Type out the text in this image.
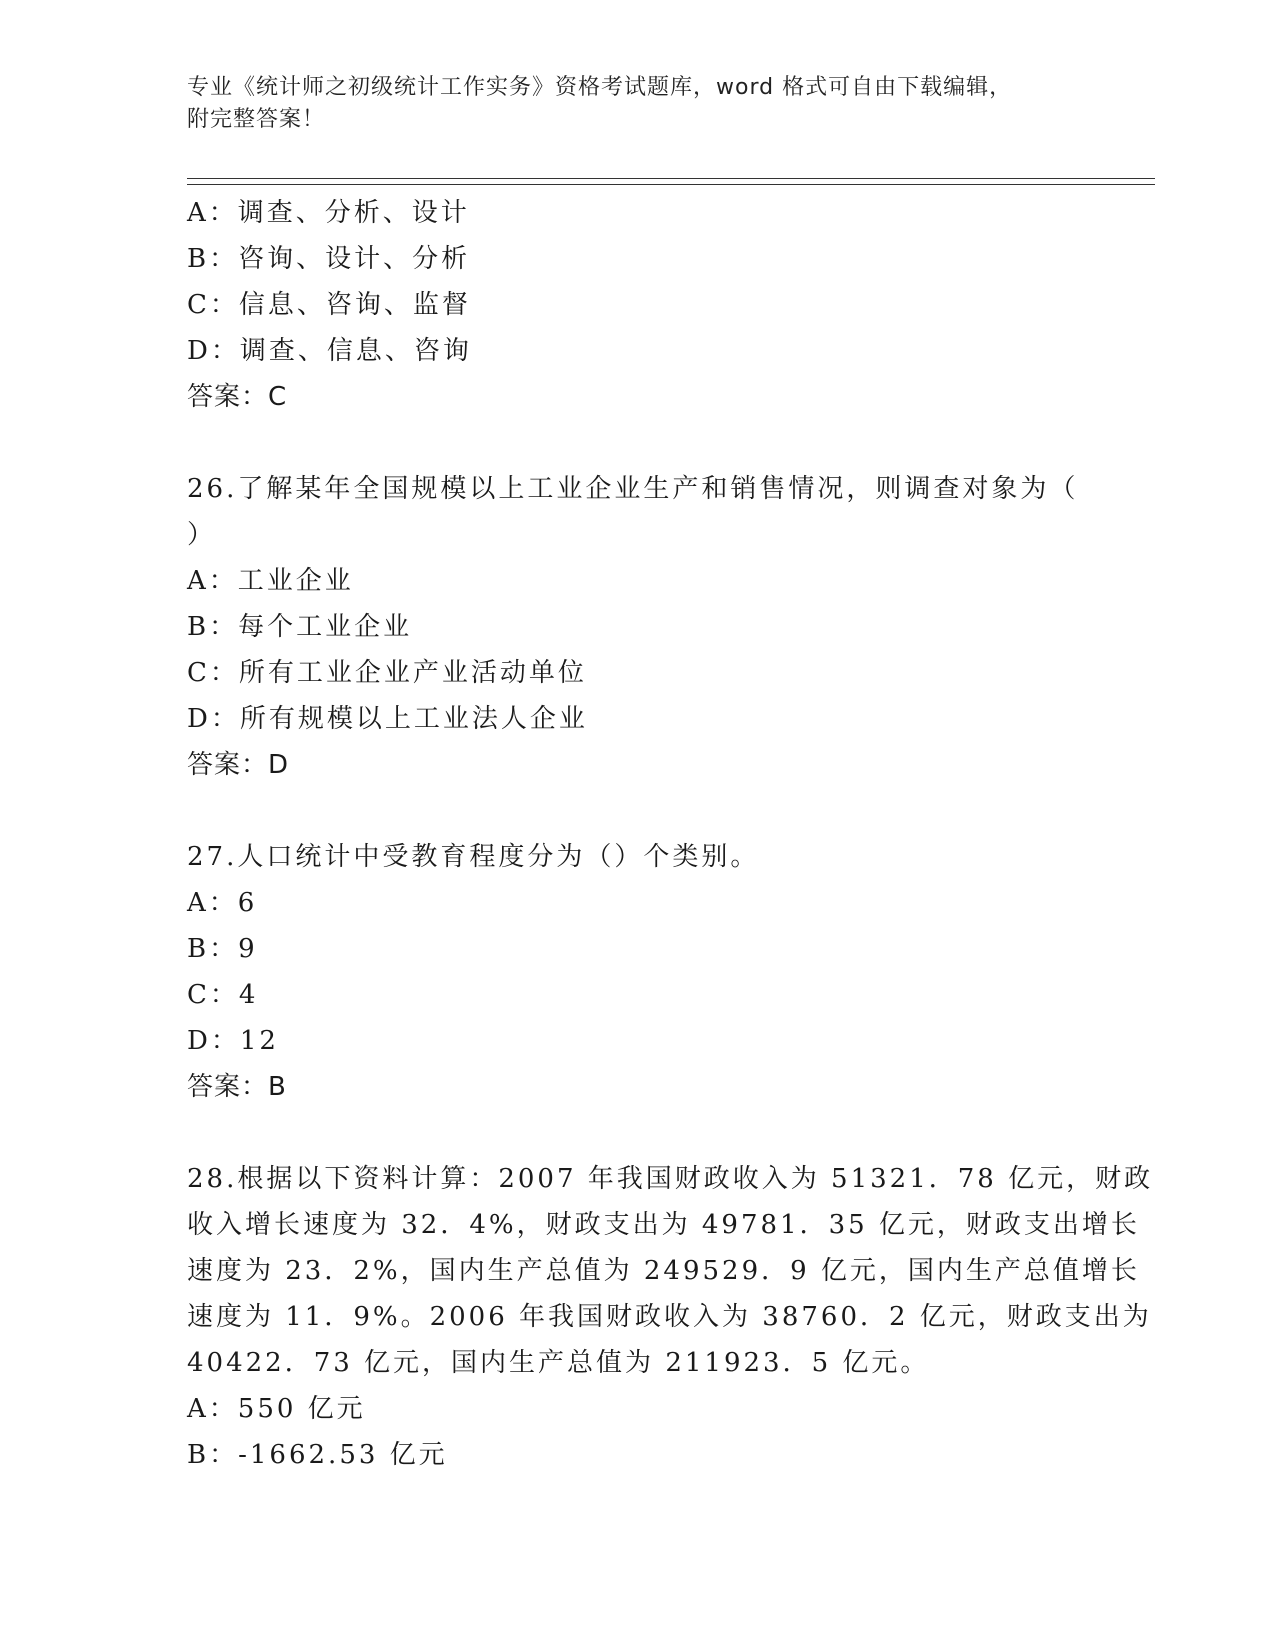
专业《统计师之初级统计工作实务》资格考试题库，word 格式可自由下载编辑，
附完整答案！
A：调查、分析、设计
B：咨询、设计、分析
C：信息、咨询、监督
D：调查、信息、咨询
答案：C
26.了解某年全国规模以上工业企业生产和销售情况，则调查对象为（
）
A：工业企业
B：每个工业企业
C：所有工业企业产业活动单位
D：所有规模以上工业法人企业
答案：D
27.人口统计中受教育程度分为（）个类别。
A：6
B：9
C：4
D：12
答案：B
28.根据以下资料计算：2007 年我国财政收入为 51321．78 亿元，财政
收入增长速度为 32．4%，财政支出为 49781．35 亿元，财政支出增长
速度为 23．2%，国内生产总值为 249529．9 亿元，国内生产总值增长
速度为 11．9%。2006 年我国财政收入为 38760．2 亿元，财政支出为
40422．73 亿元，国内生产总值为 211923．5 亿元。
A：550 亿元
B：-1662.53 亿元
